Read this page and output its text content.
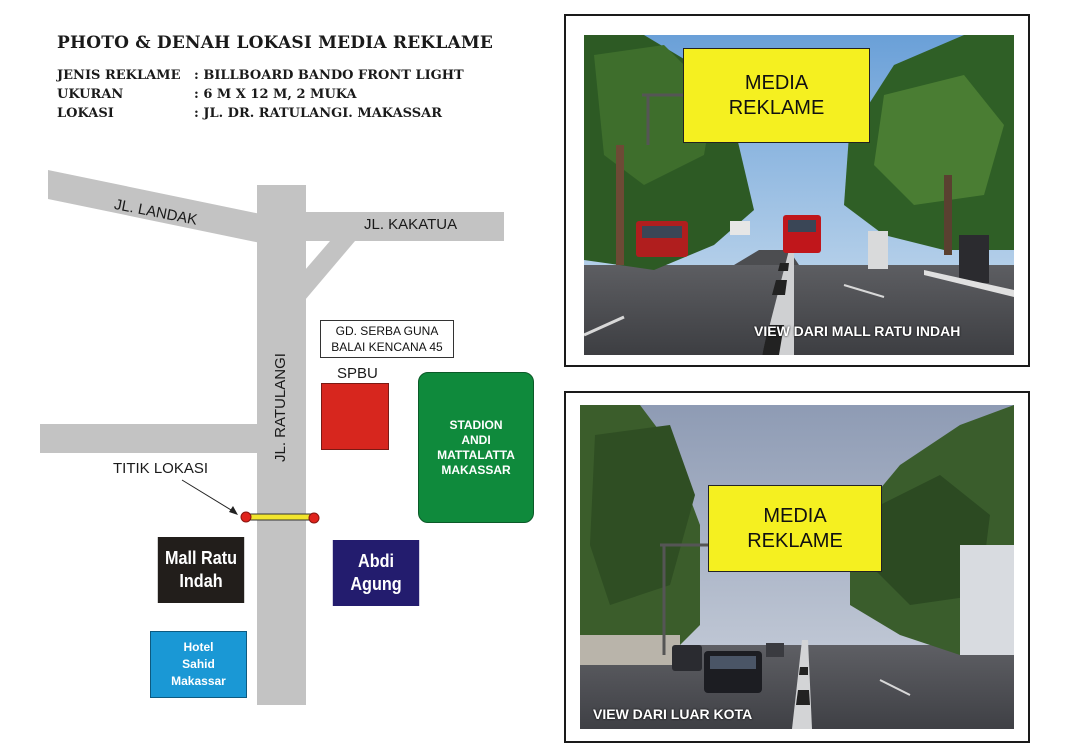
PHOTO & DENAH LOKASI MEDIA REKLAME
JENIS REKLAME : BILLBOARD BANDO FRONT LIGHT
UKURAN	: 6 M X 12 M, 2 MUKA
LOKASI	: JL. DR. RATULANGI. MAKASSAR
JL. LANDAK	JL. KAKATUA
JL. RATULANGI
GD. SERBA GUNA
BALAI KENCANA 45
SPBU
STADION
ANDI
MATTALATTA
MAKASSAR
TITIK LOKASI
Mall Ratu
Indah
Abdi
Agung
Hotel
Sahid
Makassar
MEDIA
REKLAME
VIEW DARI MALL RATU INDAH
MEDIA
REKLAME
VIEW DARI LUAR KOTA
